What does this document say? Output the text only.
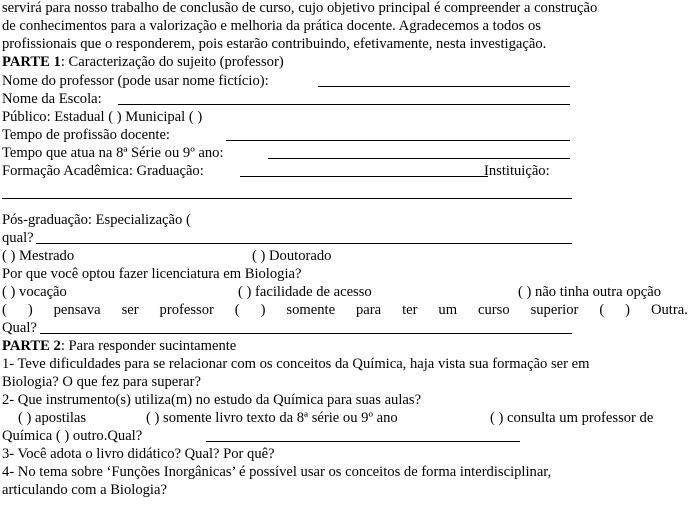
servirá para nosso trabalho de conclusão de curso, cujo objetivo principal é compreender a construção
de conhecimentos para a valorização e melhoria da prática docente. Agradecemos a todos os
profissionais que o responderem, pois estarão contribuindo, efetivamente, nesta investigação.
PARTE 1: Caracterização do sujeito (professor)
Nome do professor (pode usar nome fictício):
Nome da Escola:
Público: Estadual ( ) Municipal ( )
Tempo de profissão docente:
Tempo que atua na 8ª Série ou 9º ano:
Formação Acadêmica: Graduação:	Instituição:
Pós-graduação: Especialização (
qual?
( ) Mestrado	( ) Doutorado
Por que você optou fazer licenciatura em Biologia?
( ) vocação	( ) facilidade de acesso	( ) não tinha outra opção
( ) pensava ser professor ( ) somente para ter um curso superior ( ) Outra.
Qual?
PARTE 2: Para responder sucintamente
1- Teve dificuldades para se relacionar com os conceitos da Química, haja vista sua formação ser em
Biologia? O que fez para superar?
2- Que instrumento(s) utiliza(m) no estudo da Química para suas aulas?
( ) apostilas	( ) somente livro texto da 8ª série ou 9º ano	( ) consulta um professor de
Química ( ) outro.Qual?
3- Você adota o livro didático? Qual? Por quê?
4- No tema sobre ‘Funções Inorgânicas’ é possível usar os conceitos de forma interdisciplinar,
articulando com a Biologia?
